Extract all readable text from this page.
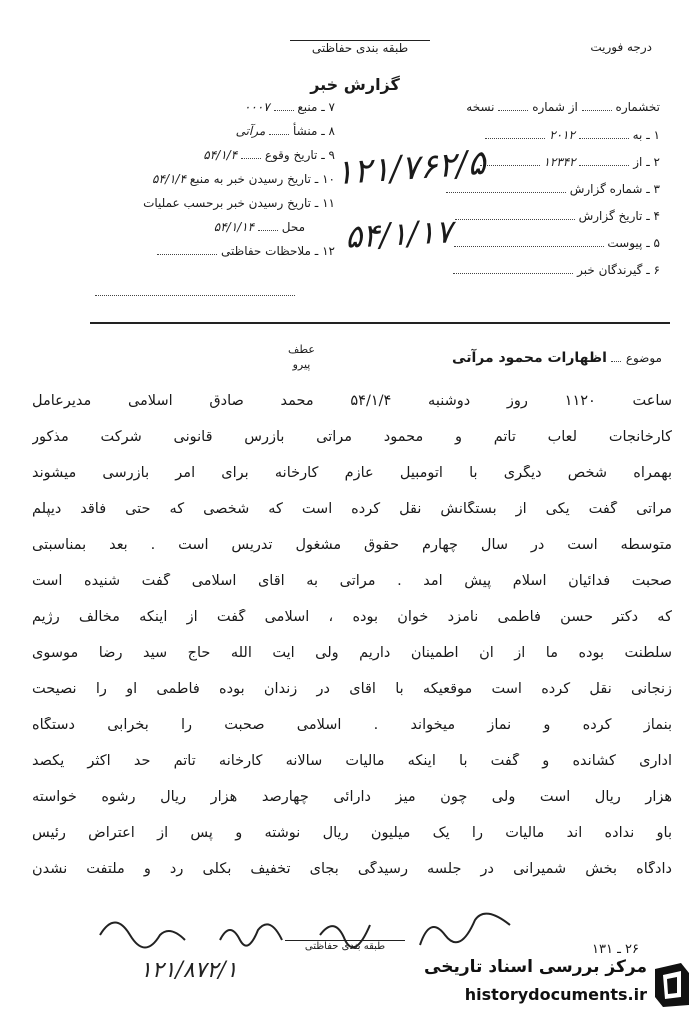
درجه فوریت
طبقه بندی حفاظتی
گزارش خبر
تخشماره  از شماره  نسخه
۱ ـ به  ۲۰۱۲
۲ ـ از  ۱۲۳۴۲
۳ ـ شماره گزارش
۴ ـ تاریخ گزارش
۵ ـ پیوست
۶ ـ گیرندگان خبر
۷ ـ منبع  ۰۰۰۷
۸ ـ منشأ  مرآتی
۹ ـ تاریخ وقوع  ۵۴/۱/۴
۱۰ ـ تاریخ رسیدن خبر به منبع ۵۴/۱/۴
۱۱ ـ تاریخ رسیدن خبر برحسب عملیات
محل  ۵۴/۱/۱۴
۱۲ ـ ملاحظات حفاظتی
۱۲۱/۷۶۲/۵
۵۴/۱/۱۷
موضوع  اظهارات محمود مرآتی
عطف
پیرو
ساعت ۱۱۲۰ روز دوشنبه ۵۴/۱/۴ محمد صادق اسلامی مدیرعامل
کارخانجات لعاب تاتم و محمود مرآتی بازرس قانونی شرکت مذکور
بهمراه شخص دیگری با اتومبیل عازم کارخانه برای امر بازرسی میشوند
مرآتی گفت یکی از بستگانش نقل کرده است که شخصی که حتی فاقد دیپلم
متوسطه است در سال چهارم حقوق مشغول تدریس است . بعد بمناسبتی
صحبت فدائیان اسلام پیش آمد . مرآتی به آقای اسلامی گفت شنیده است
که دکتر حسن فاطمی نامزد خوان بوده ، اسلامی گفت از اینکه مخالف رژیم
سلطنت بوده ما از آن اطمینان داریم ولی آیت الله حاج سید رضا موسوی
زنجانی نقل کرده است موقعیکه با آقای در زندان بوده فاطمی او را نصیحت
بنماز کرده و نماز میخواند . اسلامی صحبت را بخرابی دستگاه
اداری کشانده و گفت با اینکه مالیات سالانه کارخانه تاتم حد اکثر یکصد
هزار ریال است ولی چون میز دارائی چهارصد هزار ریال رشوه خواسته
باو نداده اند مالیات را یک میلیون ریال نوشته و پس از اعتراض رئیس
دادگاه بخش شمیرانی در جلسه رسیدگی بجای تخفیف بکلی رد و ملتفت نشدن
۱۲۱/۸۷۲/۱
طبقه بندی حفاظتی	۲۶ ـ ۱۳۱
مرکز بررسی اسناد تاریخی
historydocuments.ir
